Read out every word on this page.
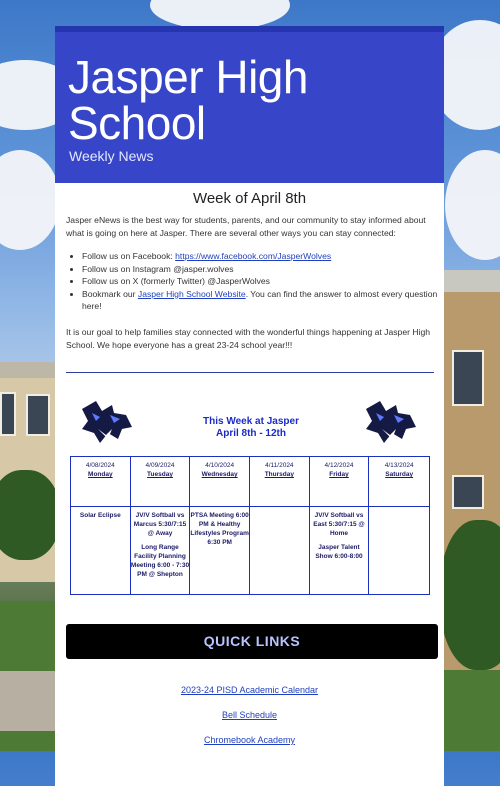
Jasper High School
Weekly News
Week of April 8th

Jasper eNews is the best way for students, parents, and our community to stay informed about what is going on here at Jasper. There are several other ways you can stay connected:

• Follow us on Facebook: https://www.facebook.com/JasperWolves
• Follow us on Instagram @jasper.wolves
• Follow us on X (formerly Twitter) @JasperWolves
• Bookmark our Jasper High School Website. You can find the answer to almost every question here!

It is our goal to help families stay connected with the wonderful things happening at Jasper High School. We hope everyone has a great 23-24 school year!!!

This Week at Jasper
April 8th - 12th
4/08/2024
Monday
4/09/2024
Tuesday
4/10/2024
Wednesday
4/11/2024
Thursday
4/12/2024
Friday
4/13/2024
Saturday
Solar Eclipse	JV/V Softball vs Marcus 5:30/7:15 @ Away
Long Range Facility Planning Meeting 6:00 - 7:30 PM @ Shepton
PTSA Meeting 6:00 PM & Healthy Lifestyles Program 6:30 PM
JV/V Softball vs East 5:30/7:15 @ Home
Jasper Talent Show 6:00-8:00
QUICK LINKS
2023-24 PISD Academic Calendar
Bell Schedule
Chromebook Academy
